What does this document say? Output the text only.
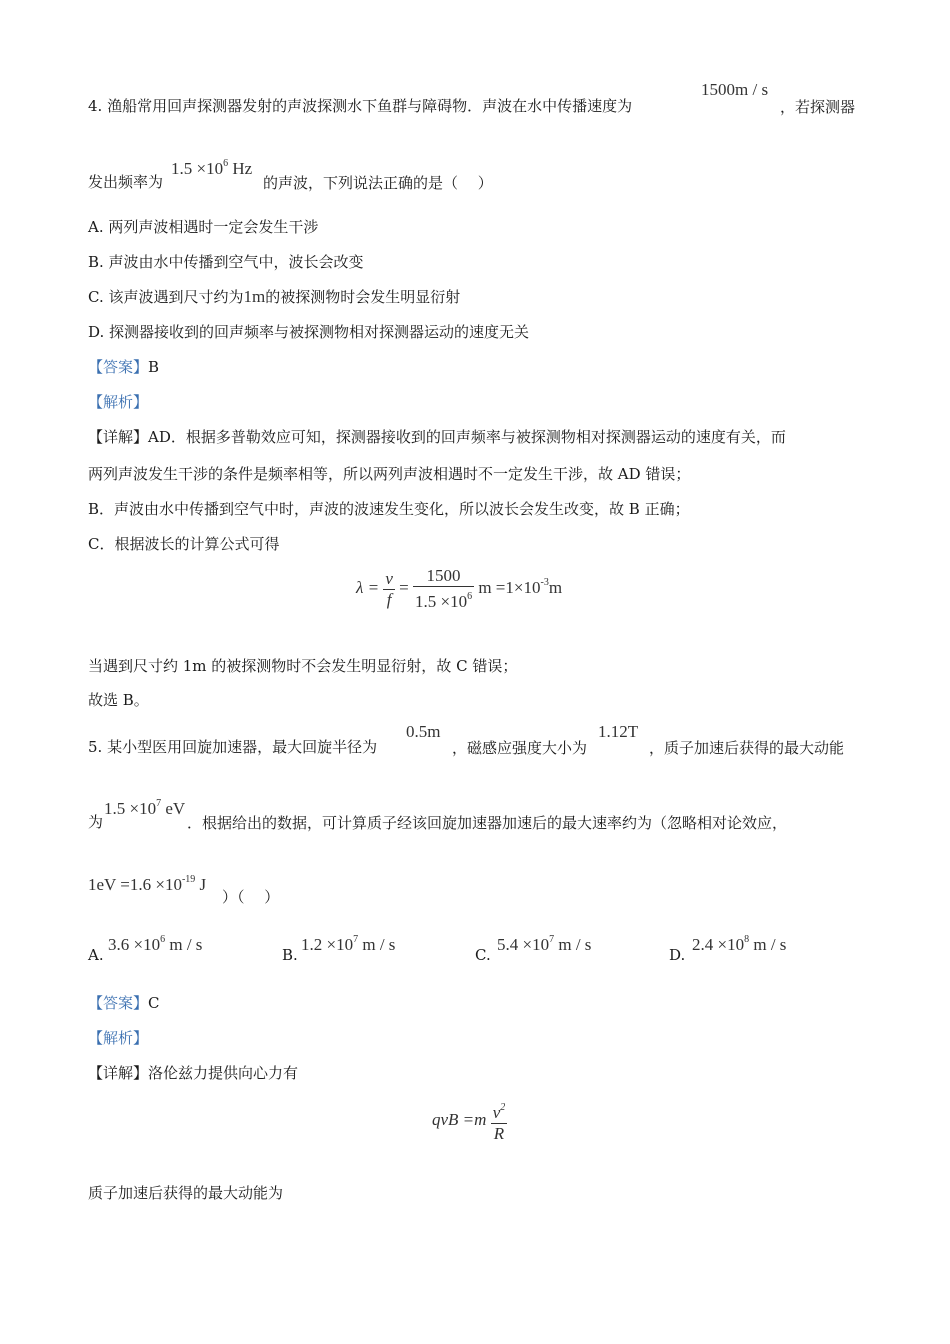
4. 渔船常用回声探测器发射的声波探测水下鱼群与障碍物．声波在水中传播速度为
1500m / s
，若探测器
发出频率为
$1.5 \times 10^6$ Hz
的声波，下列说法正确的是（　 ）
A. 两列声波相遇时一定会发生干涉
B. 声波由水中传播到空气中，波长会改变
C. 该声波遇到尺寸约为1m的被探测物时会发生明显衍射
D. 探测器接收到的回声频率与被探测物相对探测器运动的速度无关
【答案】B
【解析】
【详解】AD．根据多普勒效应可知，探测器接收到的回声频率与被探测物相对探测器运动的速度有关，而
两列声波发生干涉的条件是频率相等，所以两列声波相遇时不一定发生干涉，故 AD 错误；
B．声波由水中传播到空气中时，声波的波速发生变化，所以波长会发生改变，故 B 正确；
C．根据波长的计算公式可得
$\lambda = \frac{v}{f} = \frac{1500}{1.5 \times 10^6}$ $m =1\times 10^{-3}m$
当遇到尺寸约 1m 的被探测物时不会发生明显衍射，故 C 错误；
故选 B。
5. 某小型医用回旋加速器，最大回旋半径为
0.5m
，磁感应强度大小为
1.12T
，质子加速后获得的最大动能
为
$1.5 \times 10^7$ eV
．根据给出的数据，可计算质子经该回旋加速器加速后的最大速率约为（忽略相对论效应，
$1eV =1.6 \times 10^{-19}$ J
）（　 ）
A.
$3.6 \times 10^6$ m / s
B.
$1.2 \times 10^7$ m / s
C.
$5.4 \times 10^7$ m / s
D.
$2.4 \times 10^8$ m / s
【答案】C
【解析】
【详解】洛伦兹力提供向心力有
qvB $=m \frac{v^2}{R}$
质子加速后获得的最大动能为
